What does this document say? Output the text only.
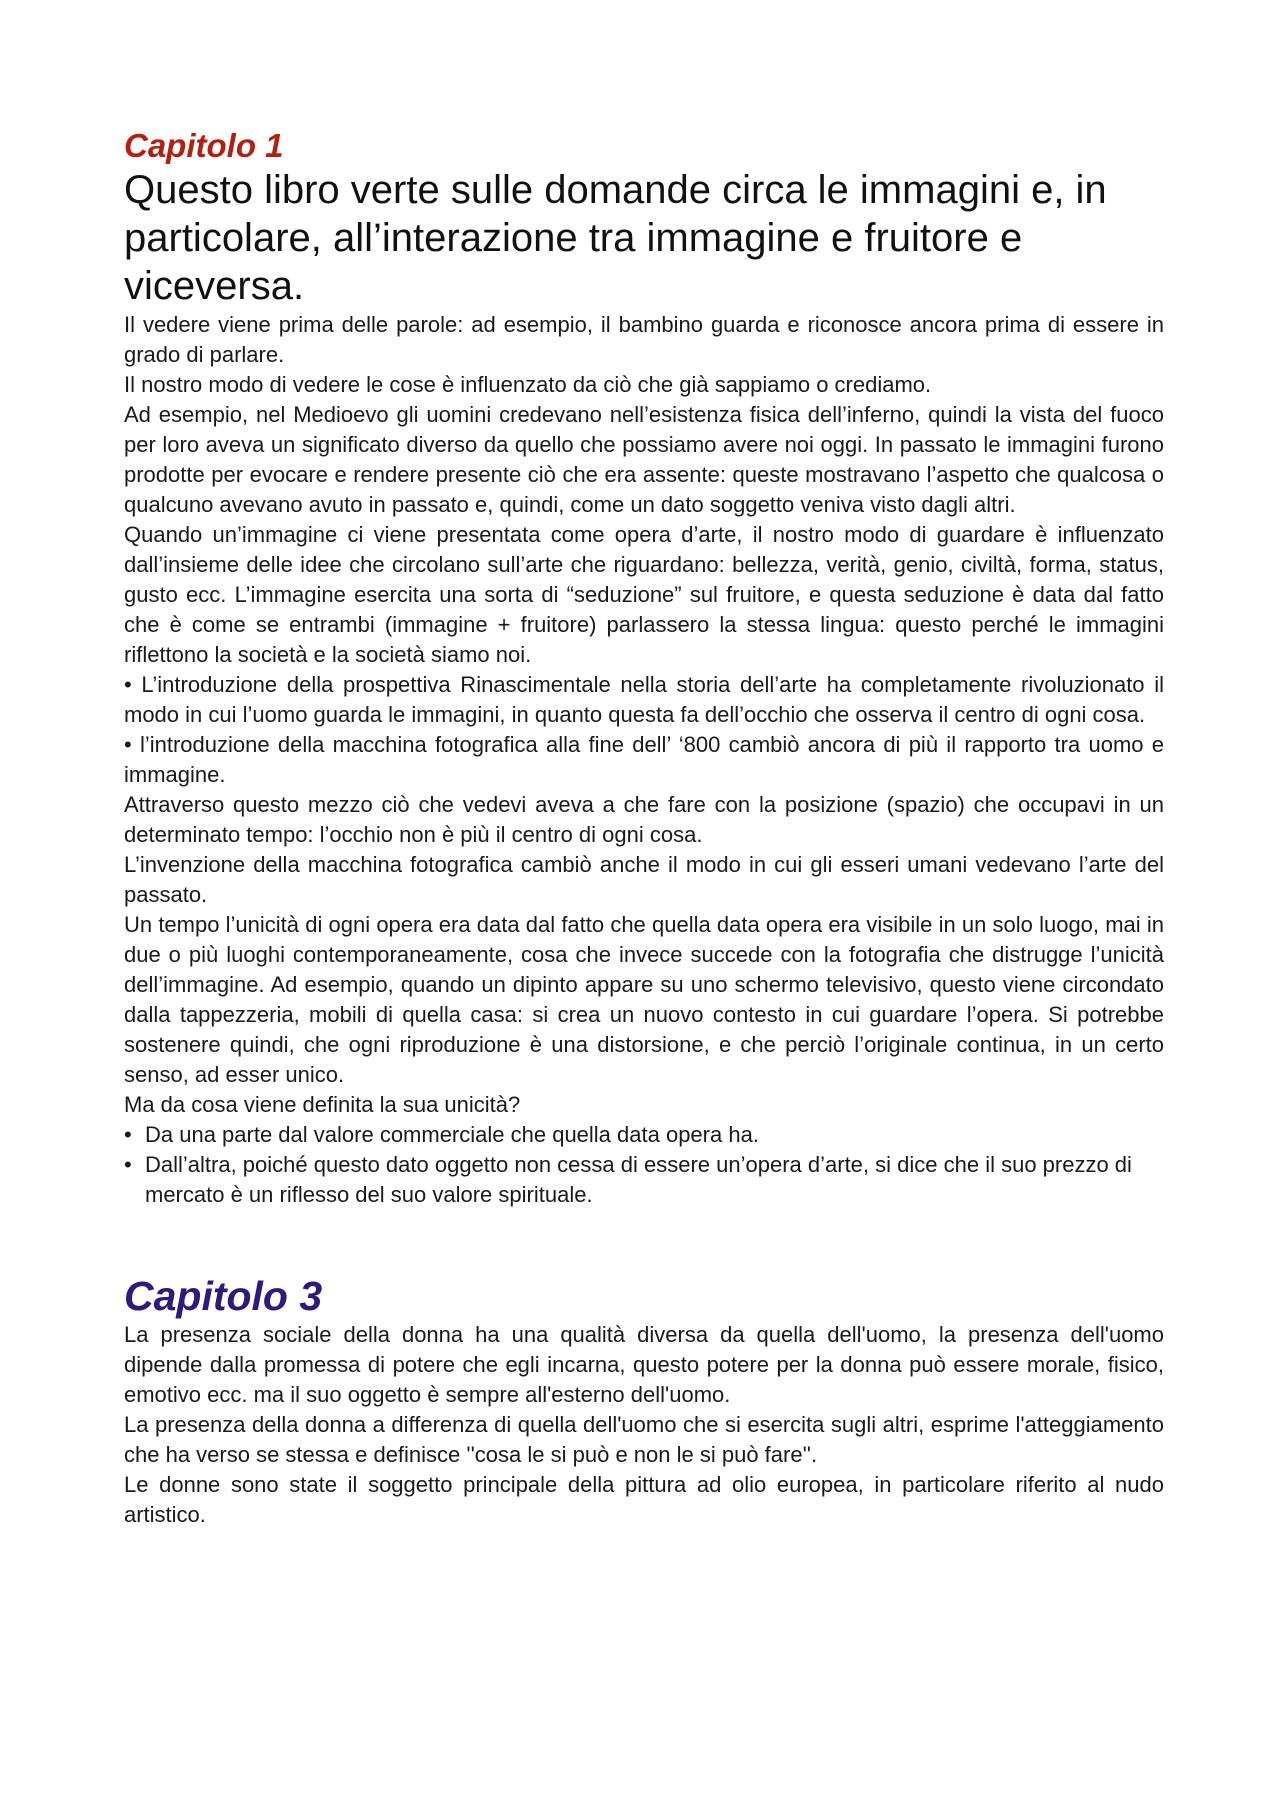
Capitolo 1
Questo libro verte sulle domande circa le immagini e, in particolare, all’interazione tra immagine e fruitore e viceversa.

Il vedere viene prima delle parole: ad esempio, il bambino guarda e riconosce ancora prima di essere in grado di parlare.

Il nostro modo di vedere le cose è influenzato da ciò che già sappiamo o crediamo.

Ad esempio, nel Medioevo gli uomini credevano nell’esistenza fisica dell’inferno, quindi la vista del fuoco per loro aveva un significato diverso da quello che possiamo avere noi oggi. In passato le immagini furono prodotte per evocare e rendere presente ciò che era assente: queste mostravano l’aspetto che qualcosa o qualcuno avevano avuto in passato e, quindi, come un dato soggetto veniva visto dagli altri.

Quando un’immagine ci viene presentata come opera d’arte, il nostro modo di guardare è influenzato dall’insieme delle idee che circolano sull’arte che riguardano: bellezza, verità, genio, civiltà, forma, status, gusto ecc. L’immagine esercita una sorta di “seduzione” sul fruitore, e questa seduzione è data dal fatto che è come se entrambi (immagine + fruitore) parlassero la stessa lingua: questo perché le immagini riflettono la società e la società siamo noi.

• L’introduzione della prospettiva Rinascimentale nella storia dell’arte ha completamente rivoluzionato il modo in cui l’uomo guarda le immagini, in quanto questa fa dell’occhio che osserva il centro di ogni cosa.

• l’introduzione della macchina fotografica alla fine dell’ ‘800 cambiò ancora di più il rapporto tra uomo e immagine.

Attraverso questo mezzo ciò che vedevi aveva a che fare con la posizione (spazio) che occupavi in un determinato tempo: l’occhio non è più il centro di ogni cosa.

L’invenzione della macchina fotografica cambiò anche il modo in cui gli esseri umani vedevano l’arte del passato.

Un tempo l’unicità di ogni opera era data dal fatto che quella data opera era visibile in un solo luogo, mai in due o più luoghi contemporaneamente, cosa che invece succede con la fotografia che distrugge l’unicità dell’immagine. Ad esempio, quando un dipinto appare su uno schermo televisivo, questo viene circondato dalla tappezzeria, mobili di quella casa: si crea un nuovo contesto in cui guardare l’opera. Si potrebbe sostenere quindi, che ogni riproduzione è una distorsione, e che perciò l’originale continua, in un certo senso, ad esser unico.

Ma da cosa viene definita la sua unicità?

• Da una parte dal valore commerciale che quella data opera ha.
• Dall’altra, poiché questo dato oggetto non cessa di essere un’opera d’arte, si dice che il suo prezzo di mercato è un riflesso del suo valore spirituale.
Capitolo 3

La presenza sociale della donna ha una qualità diversa da quella dell'uomo, la presenza dell'uomo dipende dalla promessa di potere che egli incarna, questo potere per la donna può essere morale, fisico, emotivo ecc. ma il suo oggetto è sempre all'esterno dell'uomo.

La presenza della donna a differenza di quella dell'uomo che si esercita sugli altri, esprime l'atteggiamento che ha verso se stessa e definisce ''cosa le si può e non le si può fare''.

Le donne sono state il soggetto principale della pittura ad olio europea, in particolare riferito al nudo artistico.
